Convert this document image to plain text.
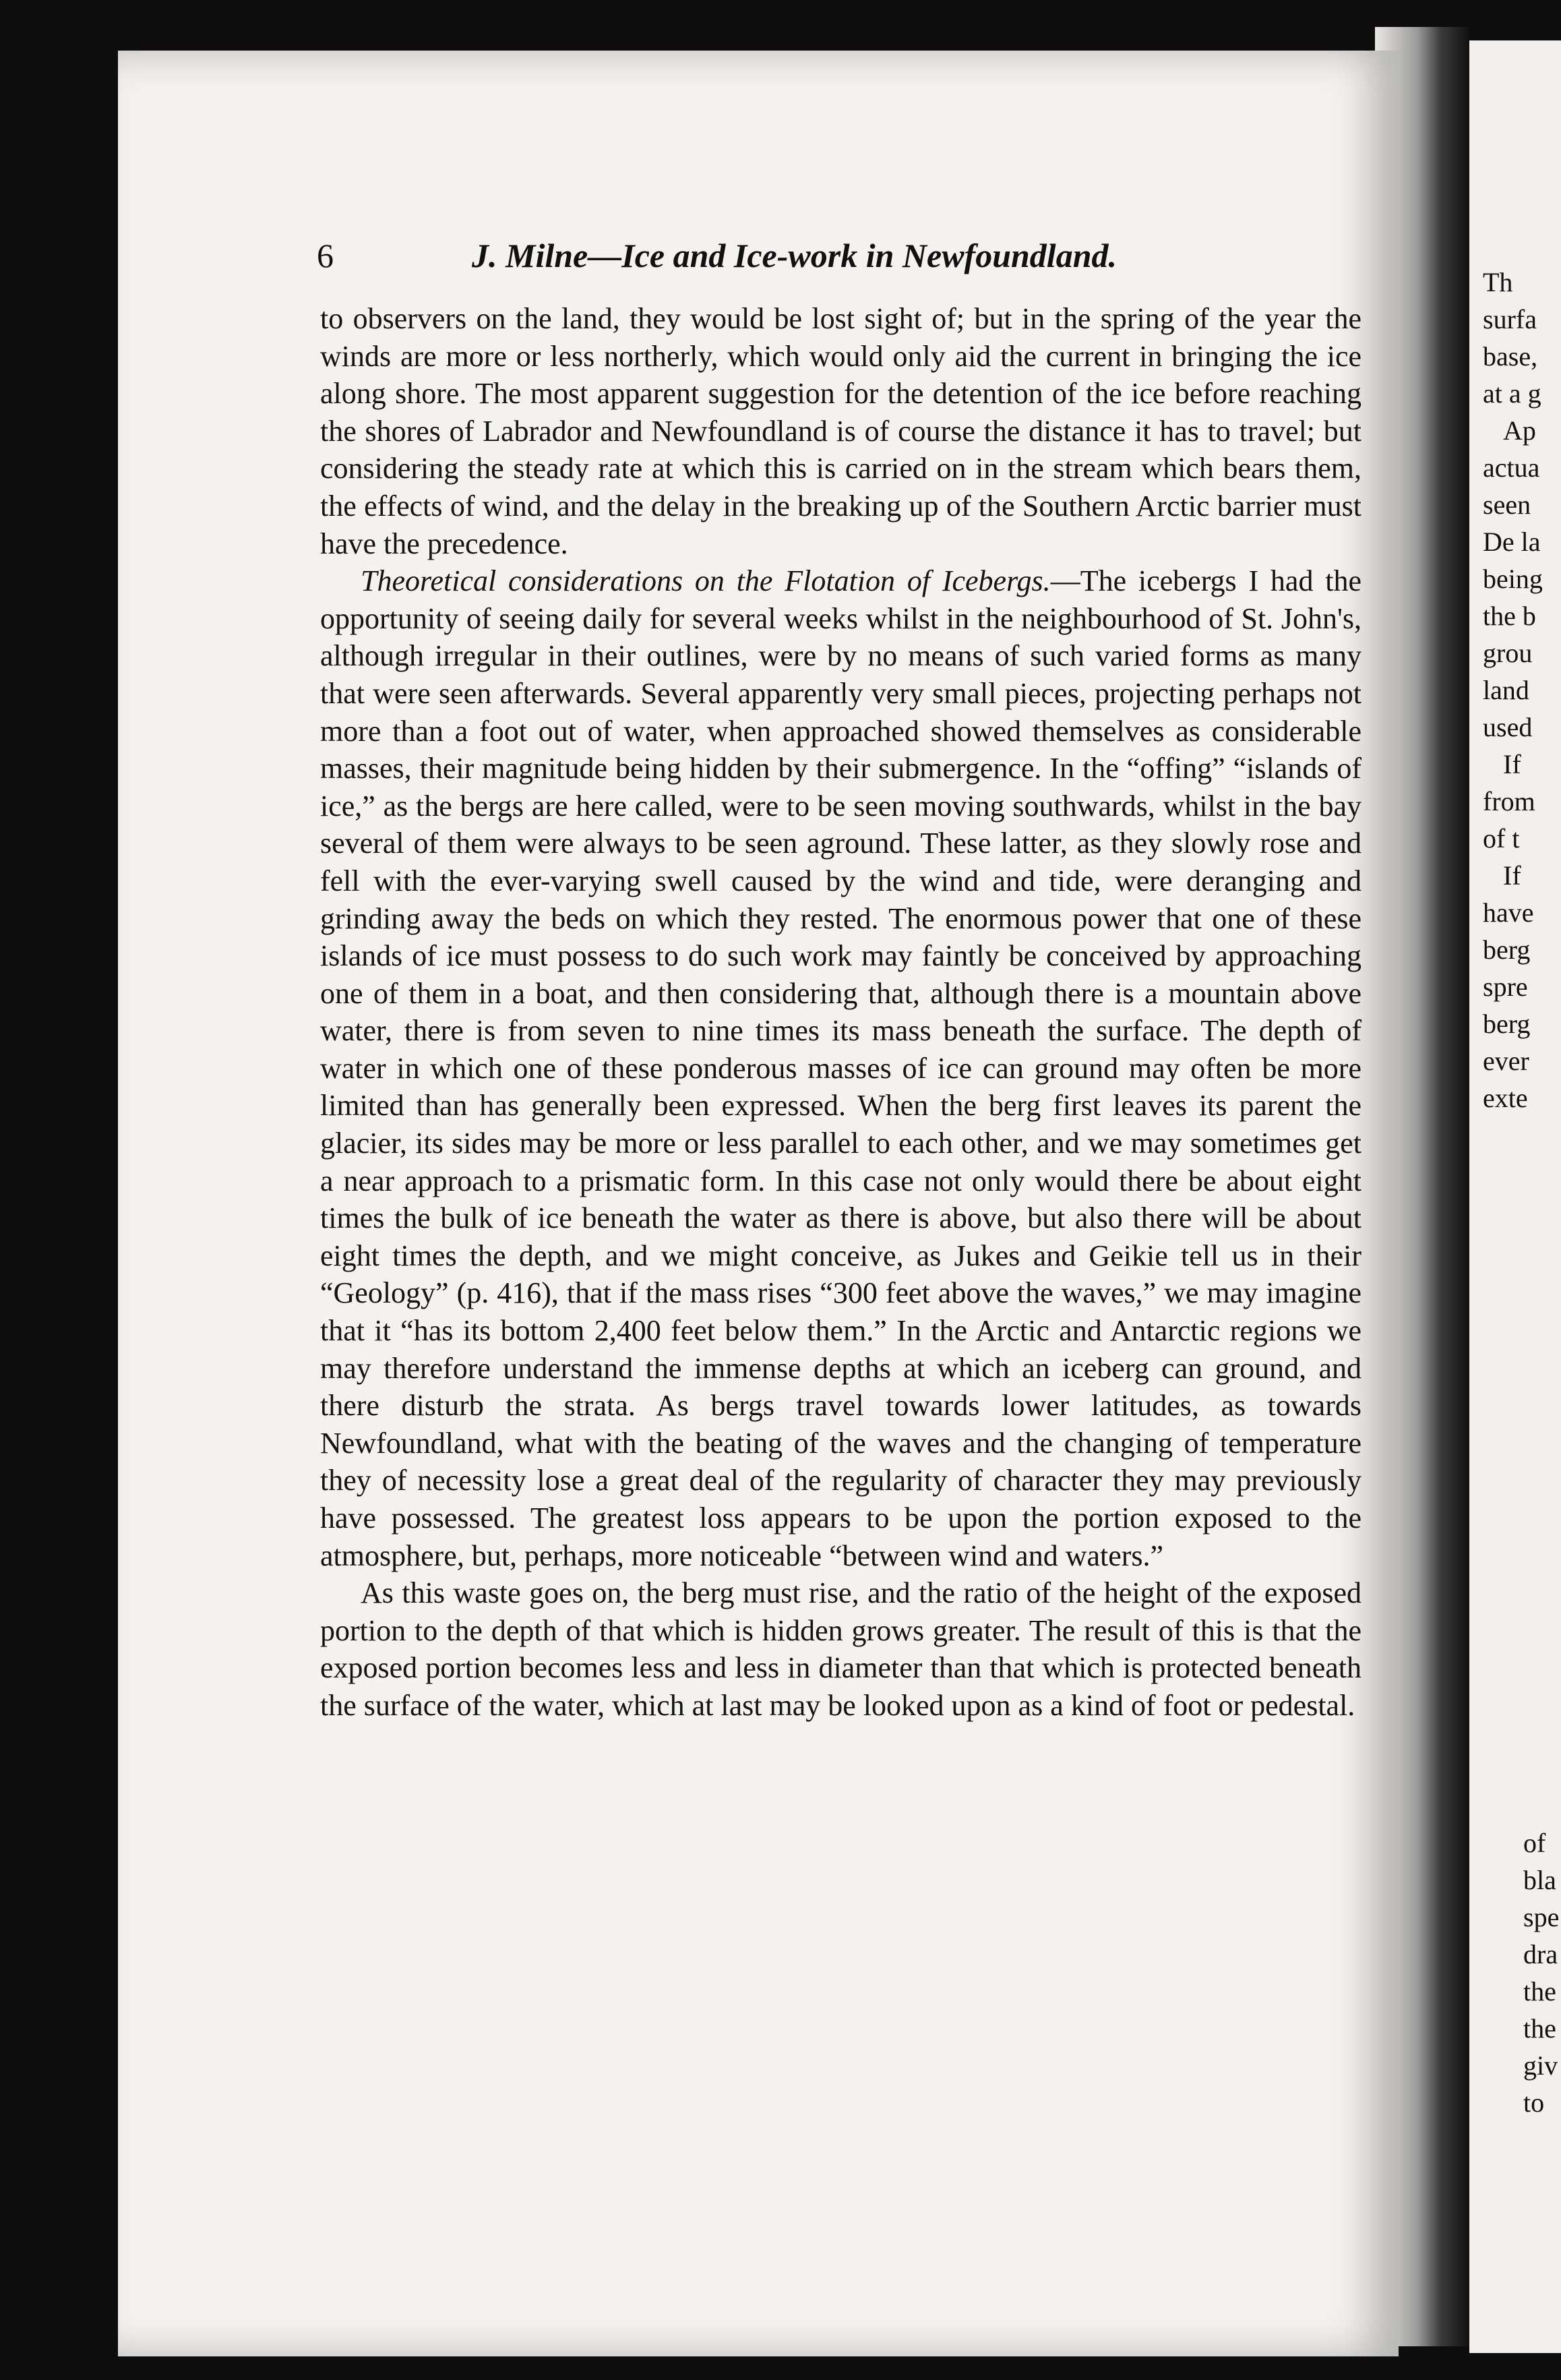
Th
surfa
base,
at a g
Ap
actua
seen
De la
being
the b
grou
land
used
If
from
of t
If
have
berg
spre
berg
ever
exte
of
bla
spe
dra
the
the
giv
to
6	J. Milne—Ice and Ice-work in Newfoundland.

to observers on the land, they would be lost sight of; but in the spring of the year the winds are more or less northerly, which would only aid the current in bringing the ice along shore. The most apparent suggestion for the detention of the ice before reaching the shores of Labrador and Newfoundland is of course the distance it has to travel; but considering the steady rate at which this is carried on in the stream which bears them, the effects of wind, and the delay in the breaking up of the Southern Arctic barrier must have the precedence.

Theoretical considerations on the Flotation of Icebergs.—The icebergs I had the opportunity of seeing daily for several weeks whilst in the neighbourhood of St. John's, although irregular in their outlines, were by no means of such varied forms as many that were seen afterwards. Several apparently very small pieces, projecting perhaps not more than a foot out of water, when approached showed themselves as considerable masses, their magnitude being hidden by their submergence. In the “offing” “islands of ice,” as the bergs are here called, were to be seen moving southwards, whilst in the bay several of them were always to be seen aground. These latter, as they slowly rose and fell with the ever-varying swell caused by the wind and tide, were deranging and grinding away the beds on which they rested. The enormous power that one of these islands of ice must possess to do such work may faintly be conceived by approaching one of them in a boat, and then considering that, although there is a mountain above water, there is from seven to nine times its mass beneath the surface. The depth of water in which one of these ponderous masses of ice can ground may often be more limited than has generally been expressed. When the berg first leaves its parent the glacier, its sides may be more or less parallel to each other, and we may sometimes get a near approach to a prismatic form. In this case not only would there be about eight times the bulk of ice beneath the water as there is above, but also there will be about eight times the depth, and we might conceive, as Jukes and Geikie tell us in their “Geology” (p. 416), that if the mass rises “300 feet above the waves,” we may imagine that it “has its bottom 2,400 feet below them.” In the Arctic and Antarctic regions we may therefore understand the immense depths at which an iceberg can ground, and there disturb the strata. As bergs travel towards lower latitudes, as towards Newfoundland, what with the beating of the waves and the changing of temperature they of necessity lose a great deal of the regularity of character they may previously have possessed. The greatest loss appears to be upon the portion exposed to the atmosphere, but, perhaps, more noticeable “between wind and waters.”

As this waste goes on, the berg must rise, and the ratio of the height of the exposed portion to the depth of that which is hidden grows greater. The result of this is that the exposed portion becomes less and less in diameter than that which is protected beneath the surface of the water, which at last may be looked upon as a kind of foot or pedestal.
